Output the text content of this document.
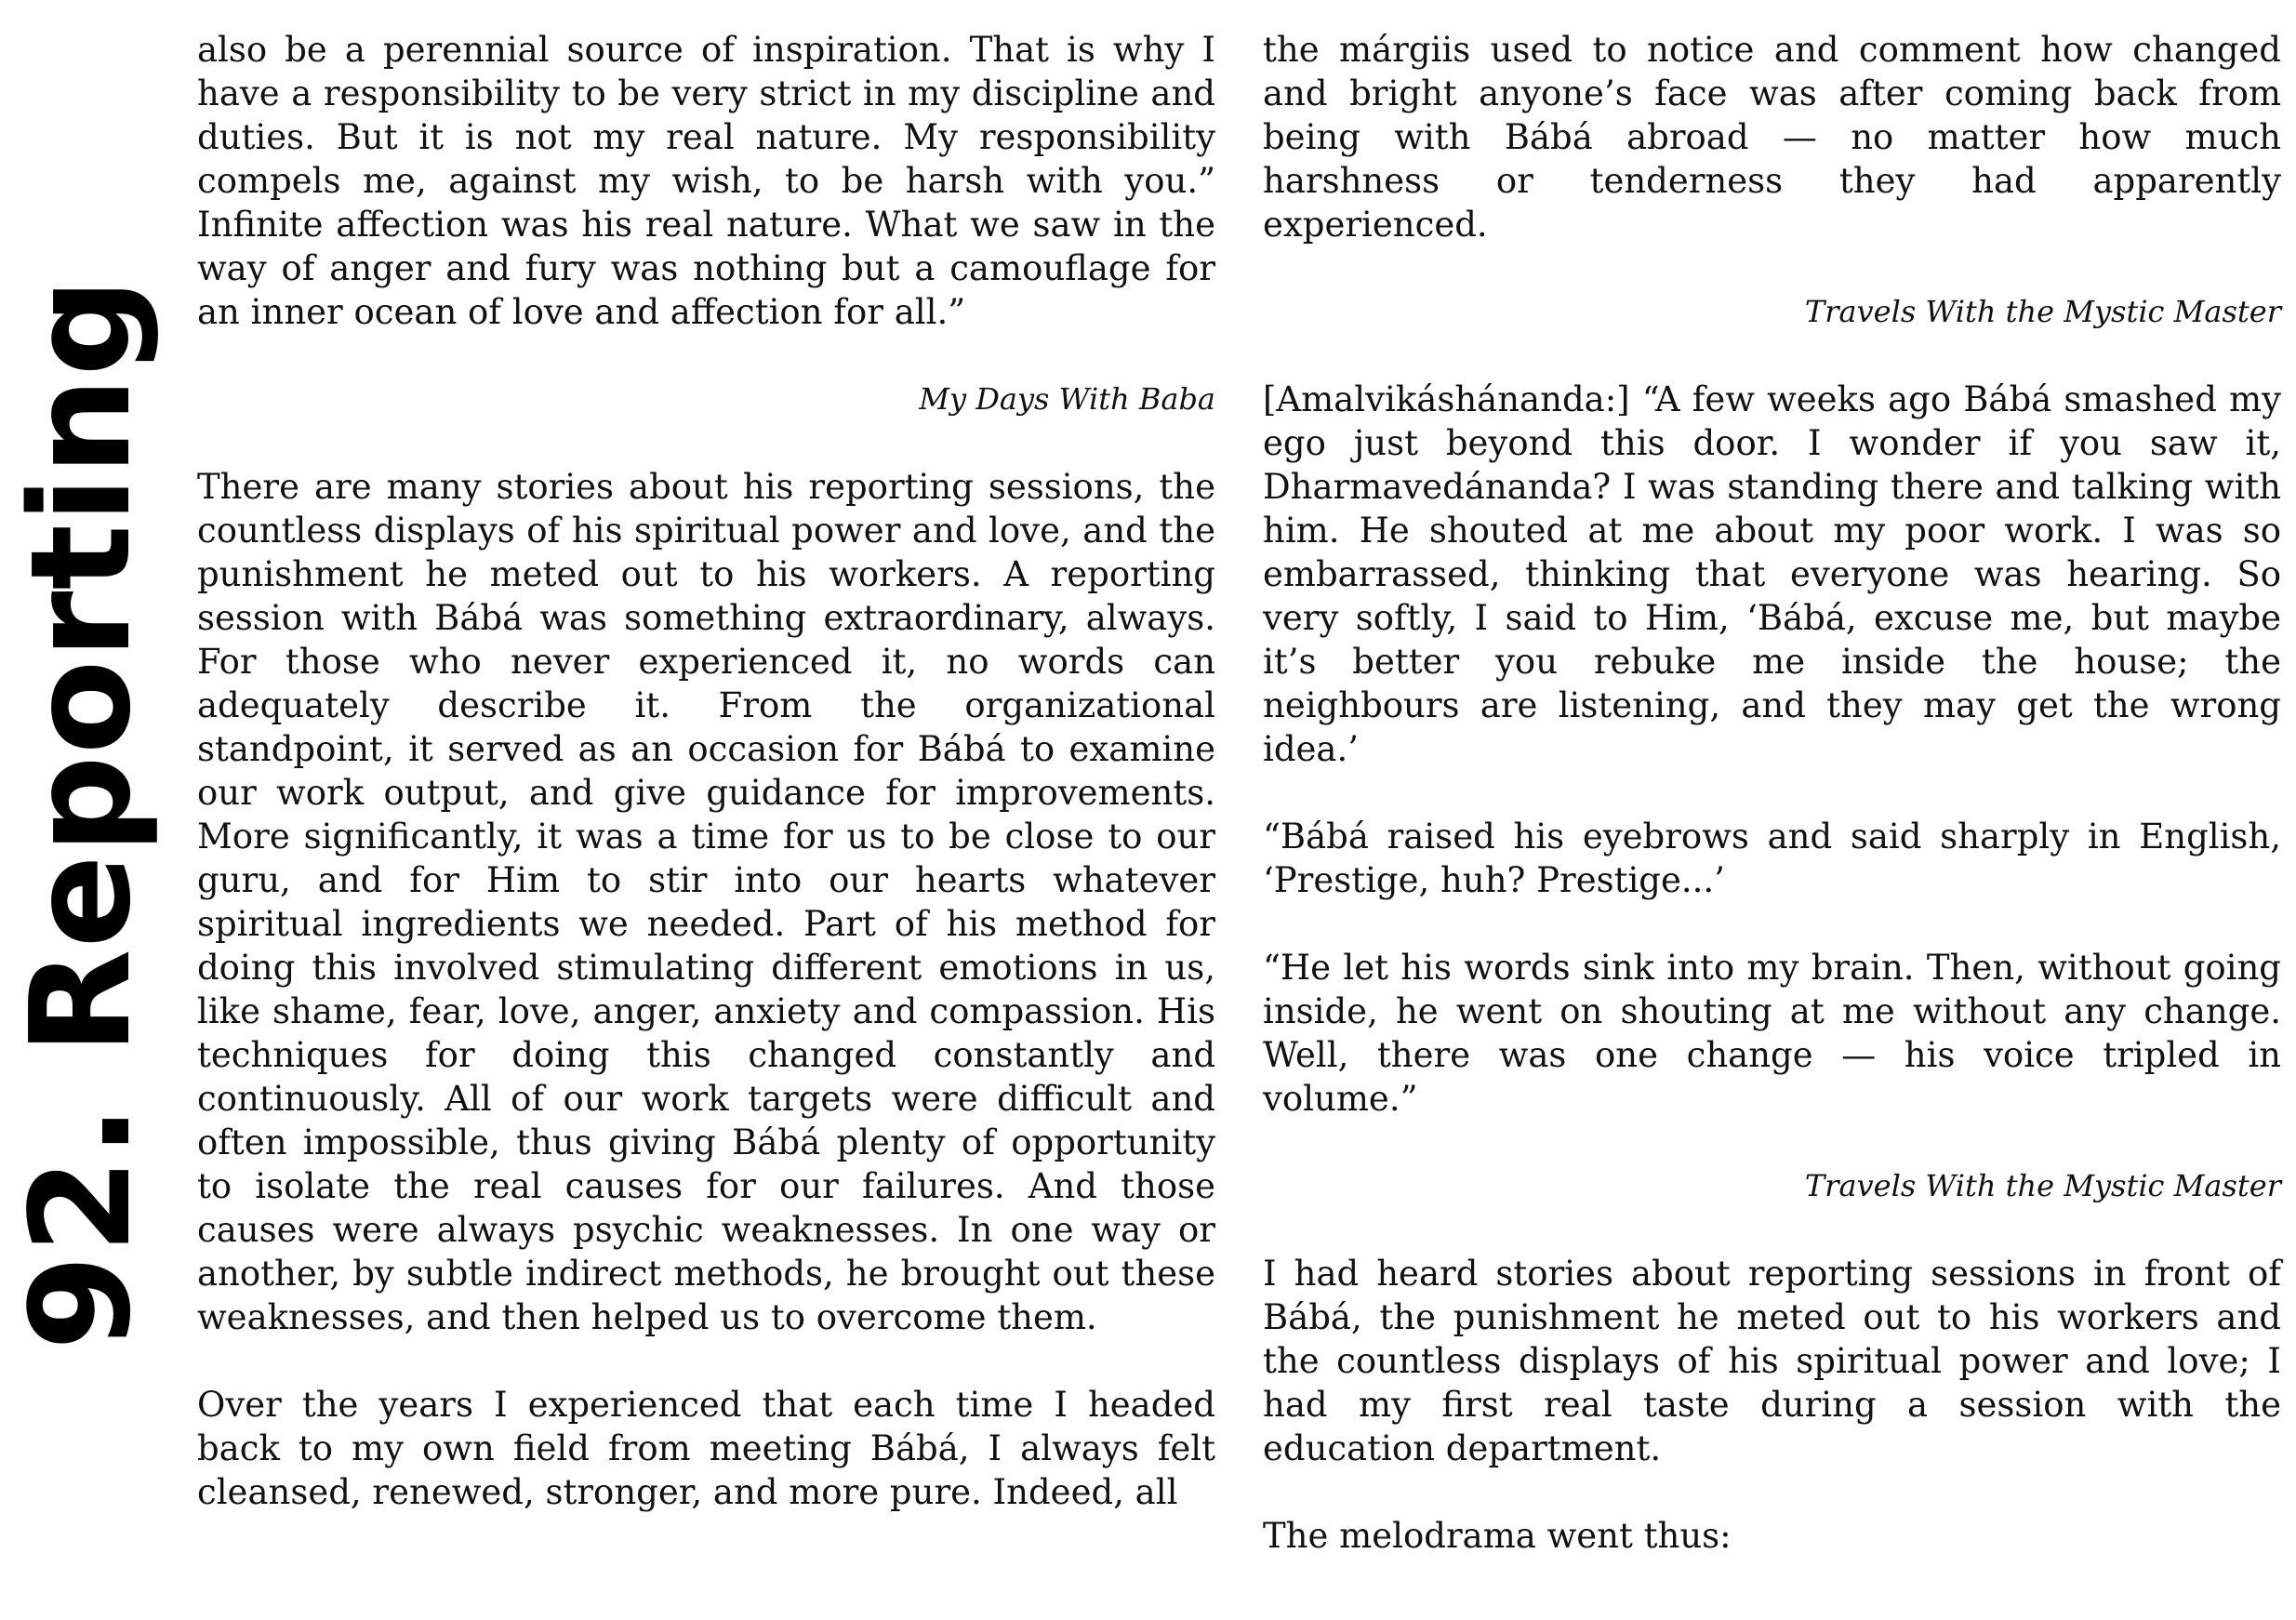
92. Reporting

also be a perennial source of inspiration. That is why I have a responsibility to be very strict in my discipline and duties. But it is not my real nature. My responsibility compels me, against my wish, to be harsh with you.” Infinite affection was his real nature. What we saw in the way of anger and fury was nothing but a camouflage for an inner ocean of love and affection for all.”

My Days With Baba

There are many stories about his reporting sessions, the countless displays of his spiritual power and love, and the punishment he meted out to his workers. A reporting session with Bábá was something extraordinary, always. For those who never experienced it, no words can adequately describe it. From the organizational standpoint, it served as an occasion for Bábá to examine our work output, and give guidance for improvements. More significantly, it was a time for us to be close to our guru, and for Him to stir into our hearts whatever spiritual ingredients we needed. Part of his method for doing this involved stimulating different emotions in us, like shame, fear, love, anger, anxiety and compassion. His techniques for doing this changed constantly and continuously. All of our work targets were difficult and often impossible, thus giving Bábá plenty of opportunity to isolate the real causes for our failures. And those causes were always psychic weaknesses. In one way or another, by subtle indirect methods, he brought out these weaknesses, and then helped us to overcome them.

Over the years I experienced that each time I headed back to my own field from meeting Bábá, I always felt cleansed, renewed, stronger, and more pure. Indeed, all

the márgiis used to notice and comment how changed and bright anyone’s face was after coming back from being with Bábá abroad — no matter how much harshness or tenderness they had apparently experienced.

Travels With the Mystic Master

[Amalvikáshánanda:] “A few weeks ago Bábá smashed my ego just beyond this door. I wonder if you saw it, Dharmavedánanda? I was standing there and talking with him. He shouted at me about my poor work. I was so embarrassed, thinking that everyone was hearing. So very softly, I said to Him, ‘Bábá, excuse me, but maybe it’s better you rebuke me inside the house; the neighbours are listening, and they may get the wrong idea.’

“Bábá raised his eyebrows and said sharply in English, ‘Prestige, huh? Prestige...’

“He let his words sink into my brain. Then, without going inside, he went on shouting at me without any change. Well, there was one change — his voice tripled in volume.”

Travels With the Mystic Master

I had heard stories about reporting sessions in front of Bábá, the punishment he meted out to his workers and the countless displays of his spiritual power and love; I had my first real taste during a session with the education department.

The melodrama went thus:
